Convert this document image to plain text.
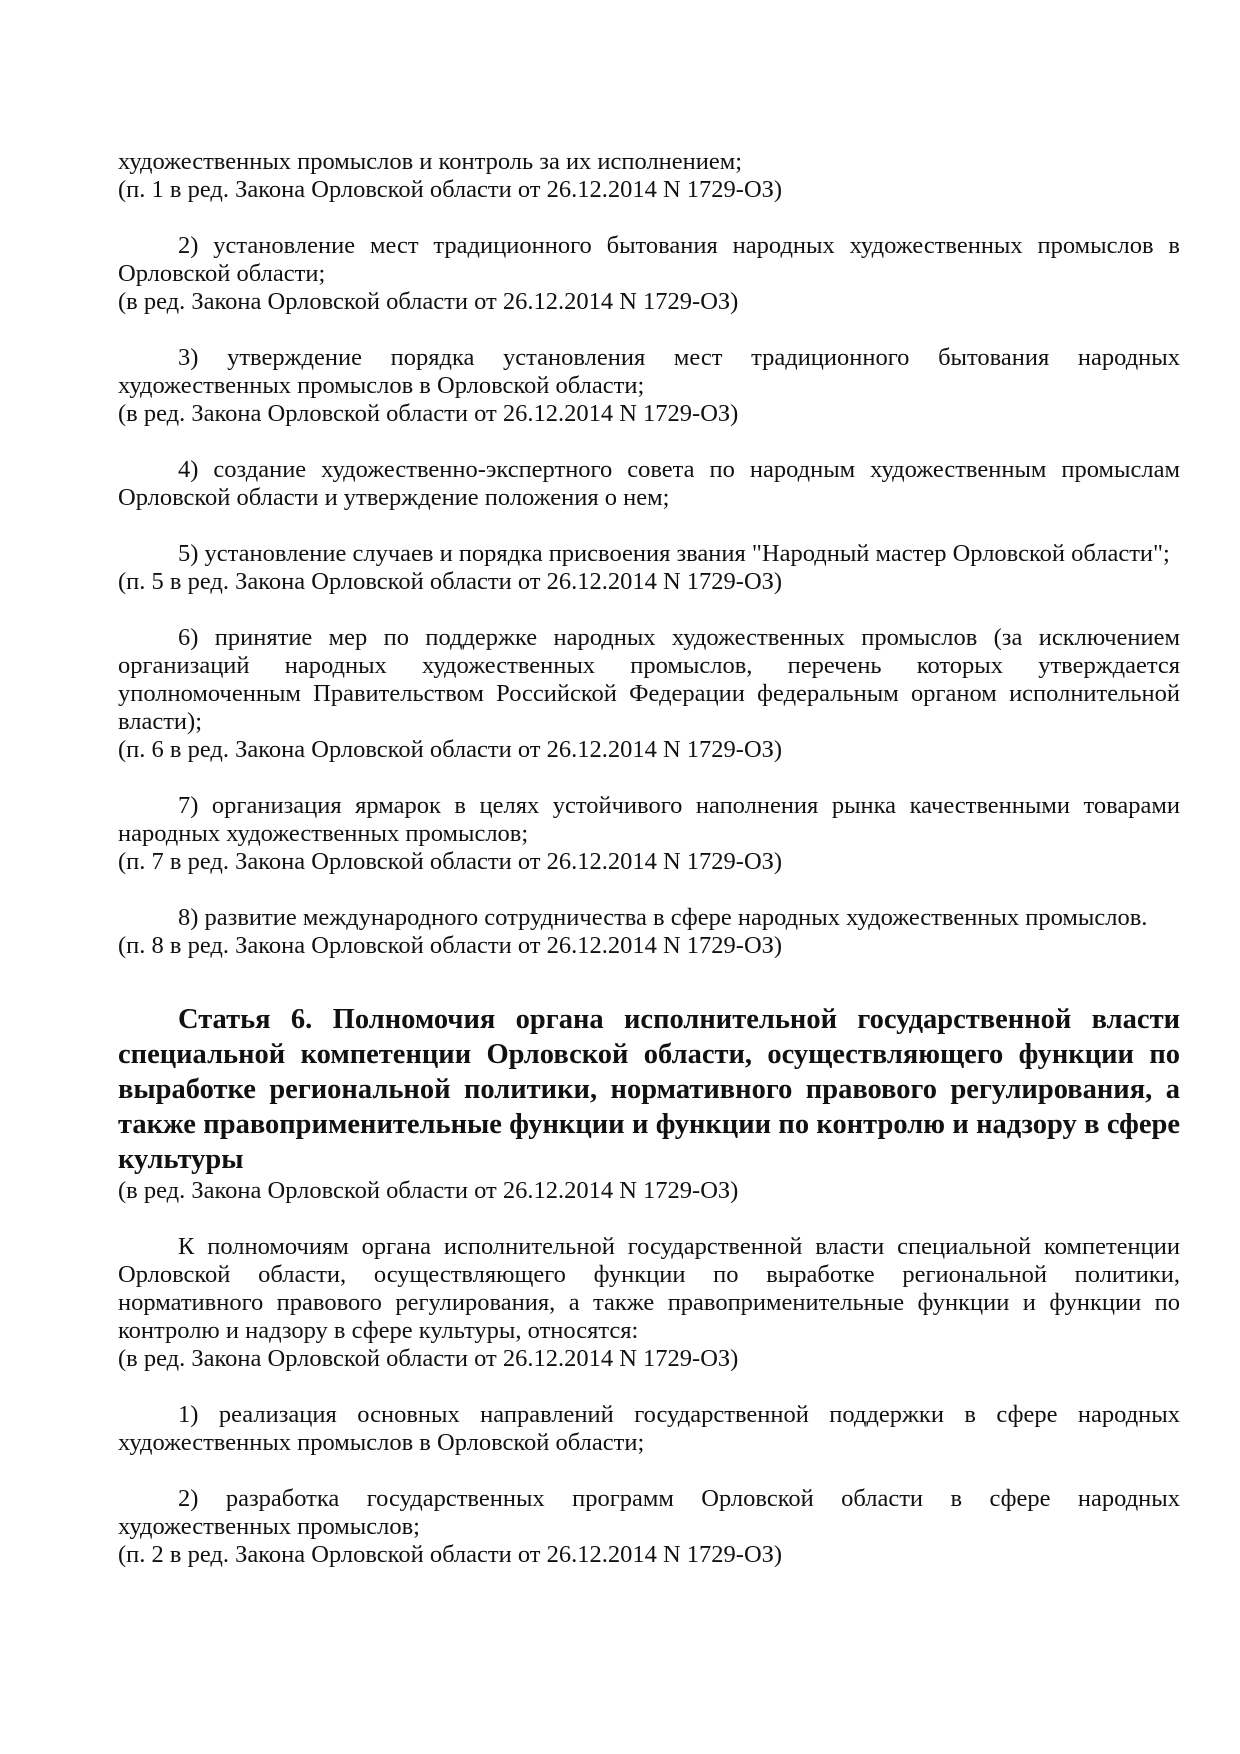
художественных промыслов и контроль за их исполнением;

(п. 1 в ред. Закона Орловской области от 26.12.2014 N 1729-ОЗ)

2) установление мест традиционного бытования народных художественных промыслов в Орловской области;

(в ред. Закона Орловской области от 26.12.2014 N 1729-ОЗ)

3) утверждение порядка установления мест традиционного бытования народных художественных промыслов в Орловской области;

(в ред. Закона Орловской области от 26.12.2014 N 1729-ОЗ)

4) создание художественно-экспертного совета по народным художественным промыслам Орловской области и утверждение положения о нем;

5) установление случаев и порядка присвоения звания "Народный мастер Орловской области";

(п. 5 в ред. Закона Орловской области от 26.12.2014 N 1729-ОЗ)

6) принятие мер по поддержке народных художественных промыслов (за исключением организаций народных художественных промыслов, перечень которых утверждается уполномоченным Правительством Российской Федерации федеральным органом исполнительной власти);

(п. 6 в ред. Закона Орловской области от 26.12.2014 N 1729-ОЗ)

7) организация ярмарок в целях устойчивого наполнения рынка качественными товарами народных художественных промыслов;

(п. 7 в ред. Закона Орловской области от 26.12.2014 N 1729-ОЗ)

8) развитие международного сотрудничества в сфере народных художественных промыслов.

(п. 8 в ред. Закона Орловской области от 26.12.2014 N 1729-ОЗ)

Статья 6. Полномочия органа исполнительной государственной власти специальной компетенции Орловской области, осуществляющего функции по выработке региональной политики, нормативного правового регулирования, а также правоприменительные функции и функции по контролю и надзору в сфере культуры

(в ред. Закона Орловской области от 26.12.2014 N 1729-ОЗ)

К полномочиям органа исполнительной государственной власти специальной компетенции Орловской области, осуществляющего функции по выработке региональной политики, нормативного правового регулирования, а также правоприменительные функции и функции по контролю и надзору в сфере культуры, относятся:

(в ред. Закона Орловской области от 26.12.2014 N 1729-ОЗ)

1) реализация основных направлений государственной поддержки в сфере народных художественных промыслов в Орловской области;

2) разработка государственных программ Орловской области в сфере народных художественных промыслов;

(п. 2 в ред. Закона Орловской области от 26.12.2014 N 1729-ОЗ)
